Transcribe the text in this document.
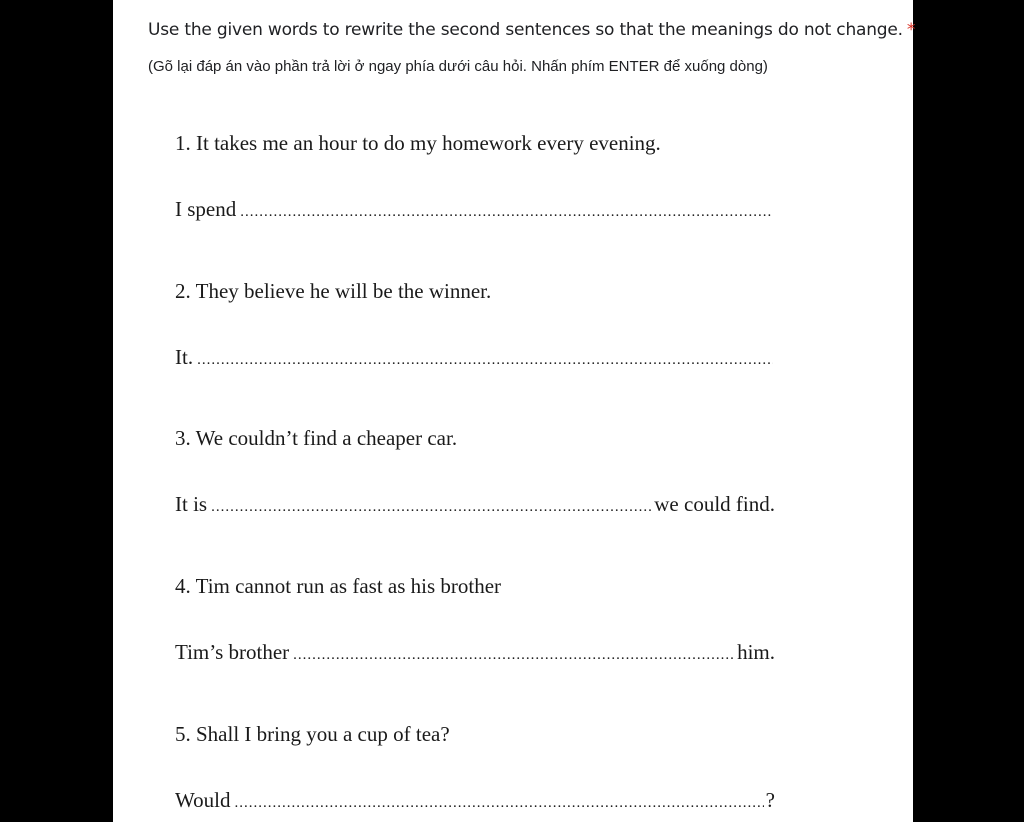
Use the given words to rewrite the second sentences so that the meanings do not change. *
(Gõ lại đáp án vào phần trả lời ở ngay phía dưới câu hỏi. Nhấn phím ENTER để xuống dòng)
1. It takes me an hour to do my homework every evening.
I spend
.....
2. They believe he will be the winner.
It.
.....
3. We couldn’t find a cheaper car.
It is .....	we could find.
4. Tim cannot run as fast as his brother
Tim’s brother .....	him.
5. Shall I bring you a cup of tea?
Would .....	?
